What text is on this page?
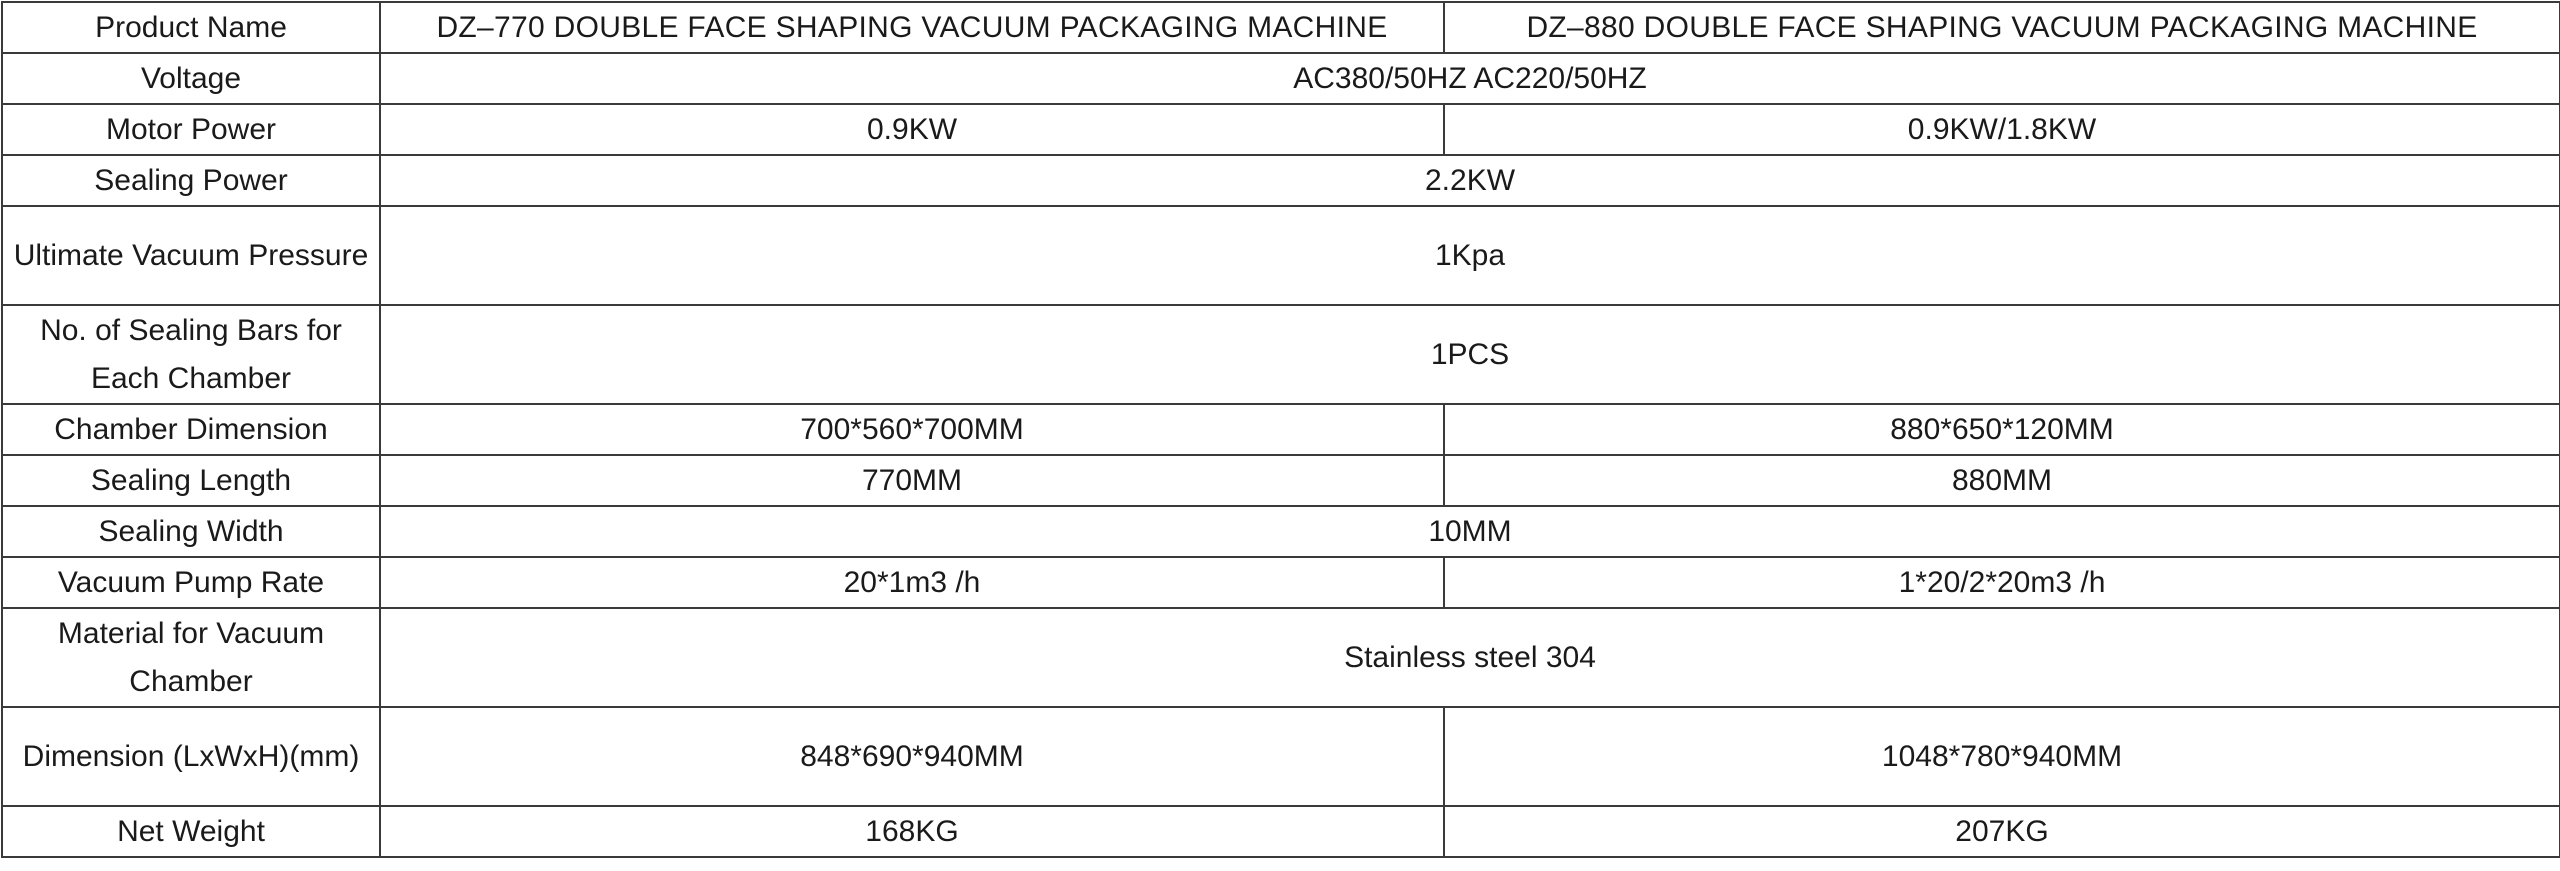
Product Name	DZ–770 DOUBLE FACE SHAPING VACUUM PACKAGING MACHINE	DZ–880 DOUBLE FACE SHAPING VACUUM PACKAGING MACHINE
Voltage	AC380/50HZ AC220/50HZ	
Motor Power	0.9KW	0.9KW/1.8KW
Sealing Power	2.2KW	
Ultimate Vacuum Pressure	1Kpa	
No. of Sealing Bars for Each Chamber	1PCS	
Chamber Dimension	700*560*700MM	880*650*120MM
Sealing Length	770MM	880MM
Sealing Width	10MM	
Vacuum Pump Rate	20*1m3 /h	1*20/2*20m3 /h
Material for Vacuum Chamber	Stainless steel 304	
Dimension (LxWxH)(mm)	848*690*940MM	1048*780*940MM
Net Weight	168KG	207KG
